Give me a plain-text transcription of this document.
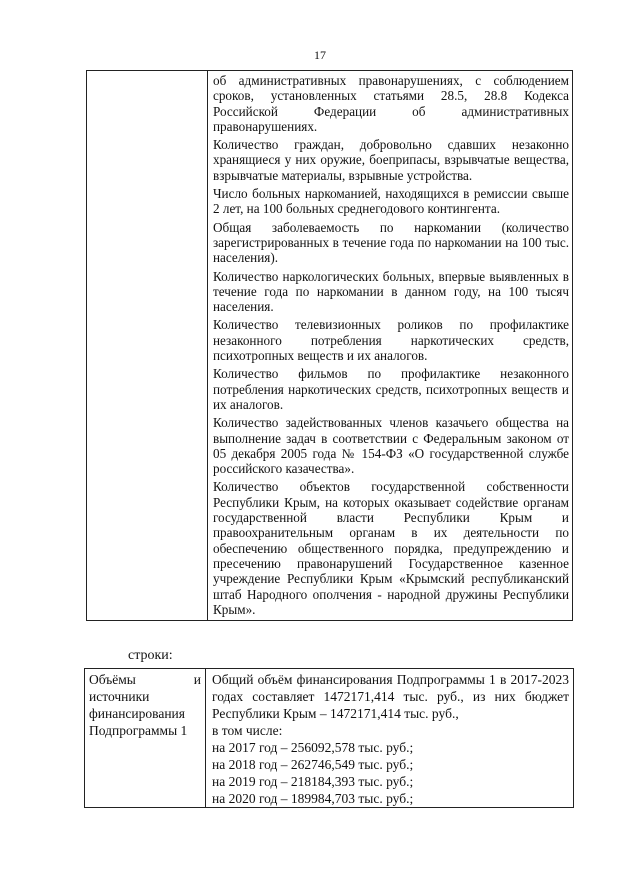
17

об административных правонарушениях, с соблюдением сроков, установленных статьями 28.5, 28.8 Кодекса Российской Федерации об административных правонарушениях.

Количество граждан, добровольно сдавших незаконно хранящиеся у них оружие, боеприпасы, взрывчатые вещества, взрывчатые материалы, взрывные устройства.

Число больных наркоманией, находящихся в ремиссии свыше 2 лет, на 100 больных среднегодового контингента.

Общая заболеваемость по наркомании (количество зарегистрированных в течение года по наркомании на 100 тыс. населения).

Количество наркологических больных, впервые выявленных в течение года по наркомании в данном году, на 100 тысяч населения.

Количество телевизионных роликов по профилактике незаконного потребления наркотических средств, психотропных веществ и их аналогов.

Количество фильмов по профилактике незаконного потребления наркотических средств, психотропных веществ и их аналогов.

Количество задействованных членов казачьего общества на выполнение задач в соответствии с Федеральным законом от 05 декабря 2005 года № 154-ФЗ «О государственной службе российского казачества».

Количество объектов государственной собственности Республики Крым, на которых оказывает содействие органам государственной власти Республики Крым и правоохранительным органам в их деятельности по обеспечению общественного порядка, предупреждению и пресечению правонарушений Государственное казенное учреждение Республики Крым «Крымский республиканский штаб Народного ополчения - народной дружины Республики Крым».

строки:
Объёмы и источники финансирования Подпрограммы 1	
Общий объём финансирования Подпрограммы 1 в 2017-2023 годах составляет 1472171,414 тыс. руб., из них бюджет Республики Крым – 1472171,414 тыс. руб.,
в том числе:
на 2017 год – 256092,578 тыс. руб.;
на 2018 год – 262746,549 тыс. руб.;
на 2019 год – 218184,393 тыс. руб.;
на 2020 год – 189984,703 тыс. руб.;
